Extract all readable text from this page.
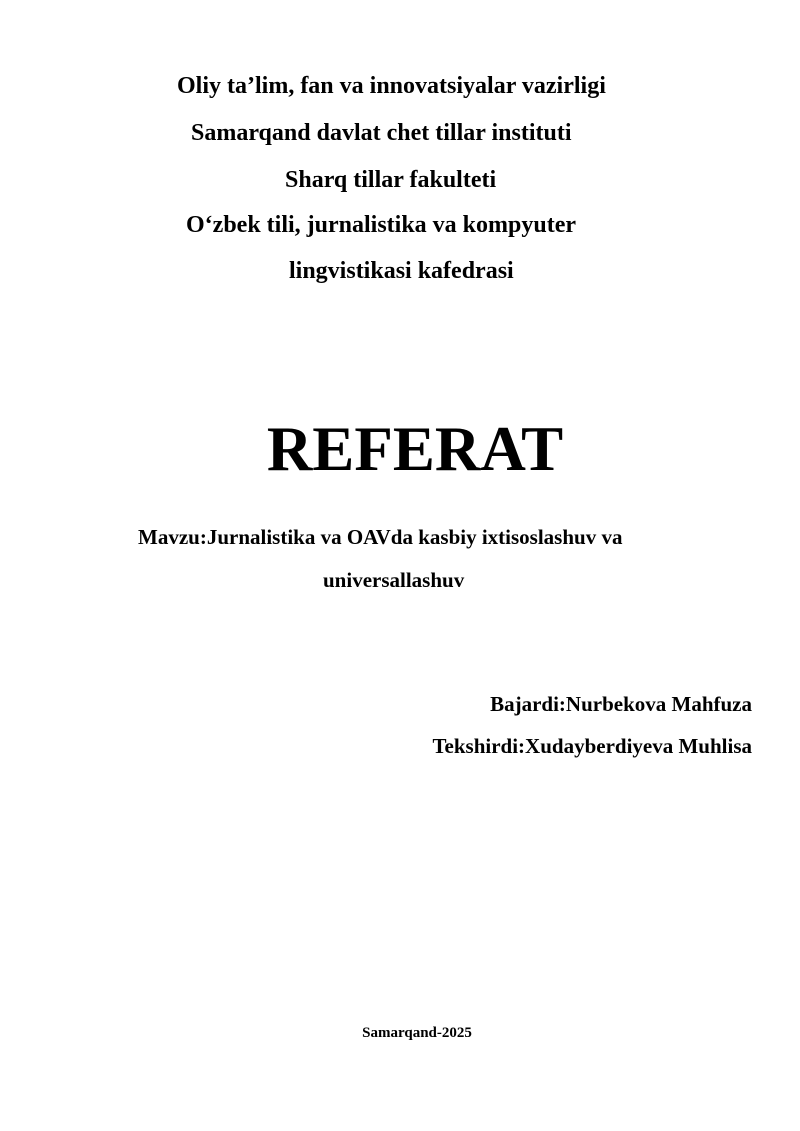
Oliy ta’lim, fan va innovatsiyalar vazirligi
Samarqand davlat chet tillar instituti
Sharq tillar fakulteti
O‘zbek tili, jurnalistika va kompyuter
lingvistikasi kafedrasi
REFERAT
Mavzu:Jurnalistika va OAVda kasbiy ixtisoslashuv va
universallashuv
Bajardi:Nurbekova Mahfuza
Tekshirdi:Xudayberdiyeva Muhlisa
Samarqand-2025
